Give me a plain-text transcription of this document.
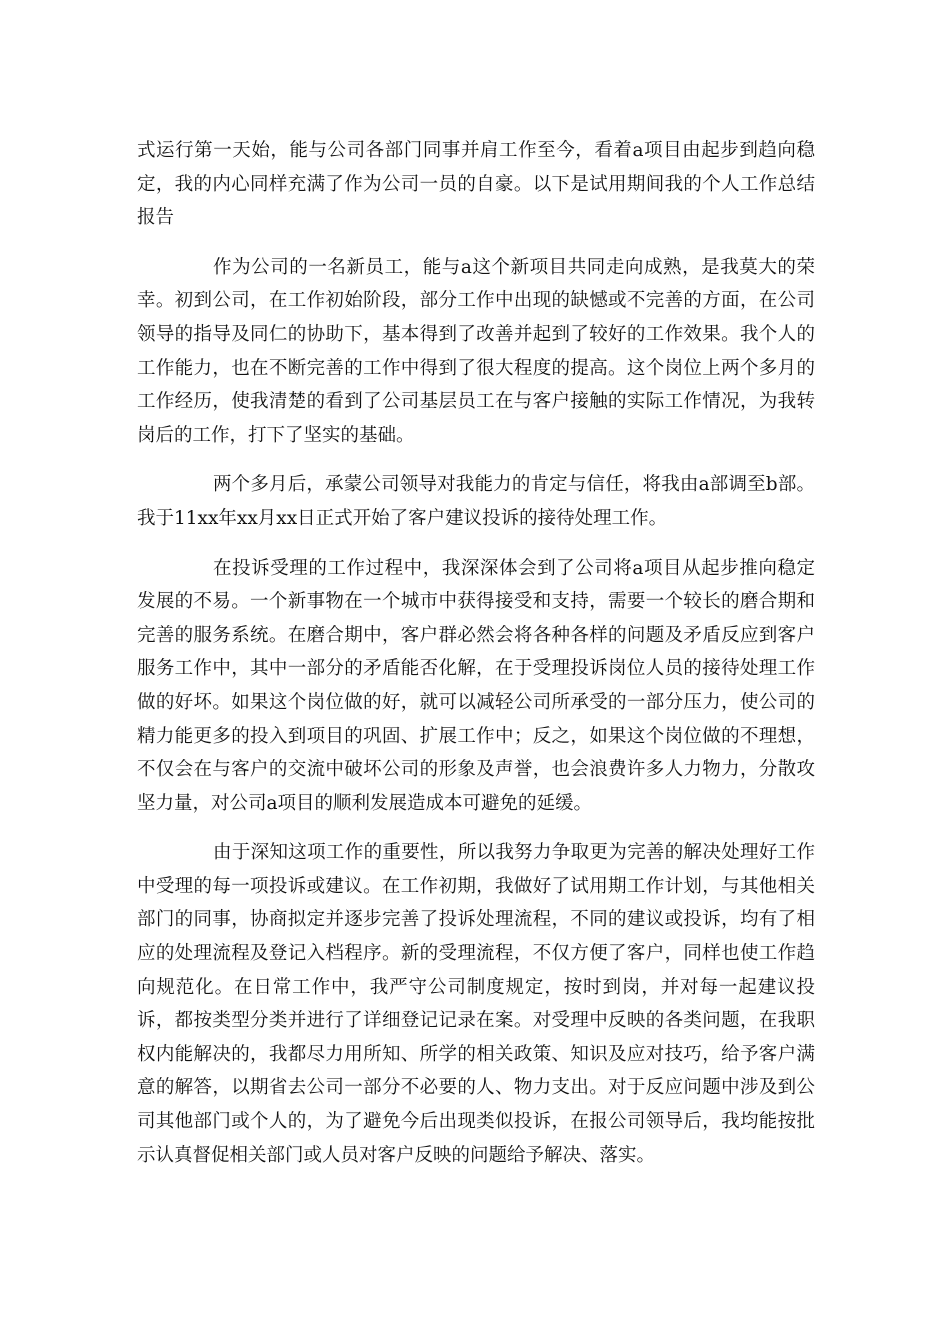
式运行第一天始，能与公司各部门同事并肩工作至今，看着a项目由起步到趋向稳定，我的内心同样充满了作为公司一员的自豪。以下是试用期间我的个人工作总结报告

作为公司的一名新员工，能与a这个新项目共同走向成熟，是我莫大的荣幸。初到公司，在工作初始阶段，部分工作中出现的缺憾或不完善的方面，在公司领导的指导及同仁的协助下，基本得到了改善并起到了较好的工作效果。我个人的工作能力，也在不断完善的工作中得到了很大程度的提高。这个岗位上两个多月的工作经历，使我清楚的看到了公司基层员工在与客户接触的实际工作情况，为我转岗后的工作，打下了坚实的基础。

两个多月后，承蒙公司领导对我能力的肯定与信任，将我由a部调至b部。我于11xx年xx月xx日正式开始了客户建议投诉的接待处理工作。

在投诉受理的工作过程中，我深深体会到了公司将a项目从起步推向稳定发展的不易。一个新事物在一个城市中获得接受和支持，需要一个较长的磨合期和完善的服务系统。在磨合期中，客户群必然会将各种各样的问题及矛盾反应到客户服务工作中，其中一部分的矛盾能否化解，在于受理投诉岗位人员的接待处理工作做的好坏。如果这个岗位做的好，就可以减轻公司所承受的一部分压力，使公司的精力能更多的投入到项目的巩固、扩展工作中；反之，如果这个岗位做的不理想，不仅会在与客户的交流中破坏公司的形象及声誉，也会浪费许多人力物力，分散攻坚力量，对公司a项目的顺利发展造成本可避免的延缓。

由于深知这项工作的重要性，所以我努力争取更为完善的解决处理好工作中受理的每一项投诉或建议。在工作初期，我做好了试用期工作计划，与其他相关部门的同事，协商拟定并逐步完善了投诉处理流程，不同的建议或投诉，均有了相应的处理流程及登记入档程序。新的受理流程，不仅方便了客户，同样也使工作趋向规范化。在日常工作中，我严守公司制度规定，按时到岗，并对每一起建议投诉，都按类型分类并进行了详细登记记录在案。对受理中反映的各类问题，在我职权内能解决的，我都尽力用所知、所学的相关政策、知识及应对技巧，给予客户满意的解答，以期省去公司一部分不必要的人、物力支出。对于反应问题中涉及到公司其他部门或个人的，为了避免今后出现类似投诉，在报公司领导后，我均能按批示认真督促相关部门或人员对客户反映的问题给予解决、落实。
